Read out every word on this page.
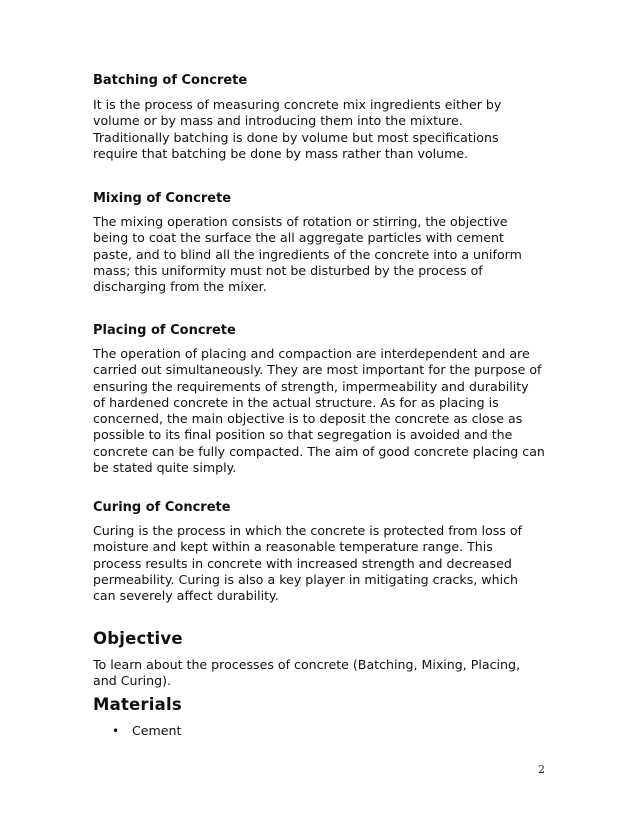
Batching of Concrete

It is the process of measuring concrete mix ingredients either by
volume or by mass and introducing them into the mixture.
Traditionally batching is done by volume but most specifications
require that batching be done by mass rather than volume.

Mixing of Concrete

The mixing operation consists of rotation or stirring, the objective
being to coat the surface the all aggregate particles with cement
paste, and to blind all the ingredients of the concrete into a uniform
mass; this uniformity must not be disturbed by the process of
discharging from the mixer.

Placing of Concrete

The operation of placing and compaction are interdependent and are
carried out simultaneously. They are most important for the purpose of
ensuring the requirements of strength, impermeability and durability
of hardened concrete in the actual structure. As for as placing is
concerned, the main objective is to deposit the concrete as close as
possible to its final position so that segregation is avoided and the
concrete can be fully compacted. The aim of good concrete placing can
be stated quite simply.

Curing of Concrete

Curing is the process in which the concrete is protected from loss of
moisture and kept within a reasonable temperature range. This
process results in concrete with increased strength and decreased
permeability. Curing is also a key player in mitigating cracks, which
can severely affect durability.

Objective

To learn about the processes of concrete (Batching, Mixing, Placing,
and Curing).

Materials
• Cement
2
